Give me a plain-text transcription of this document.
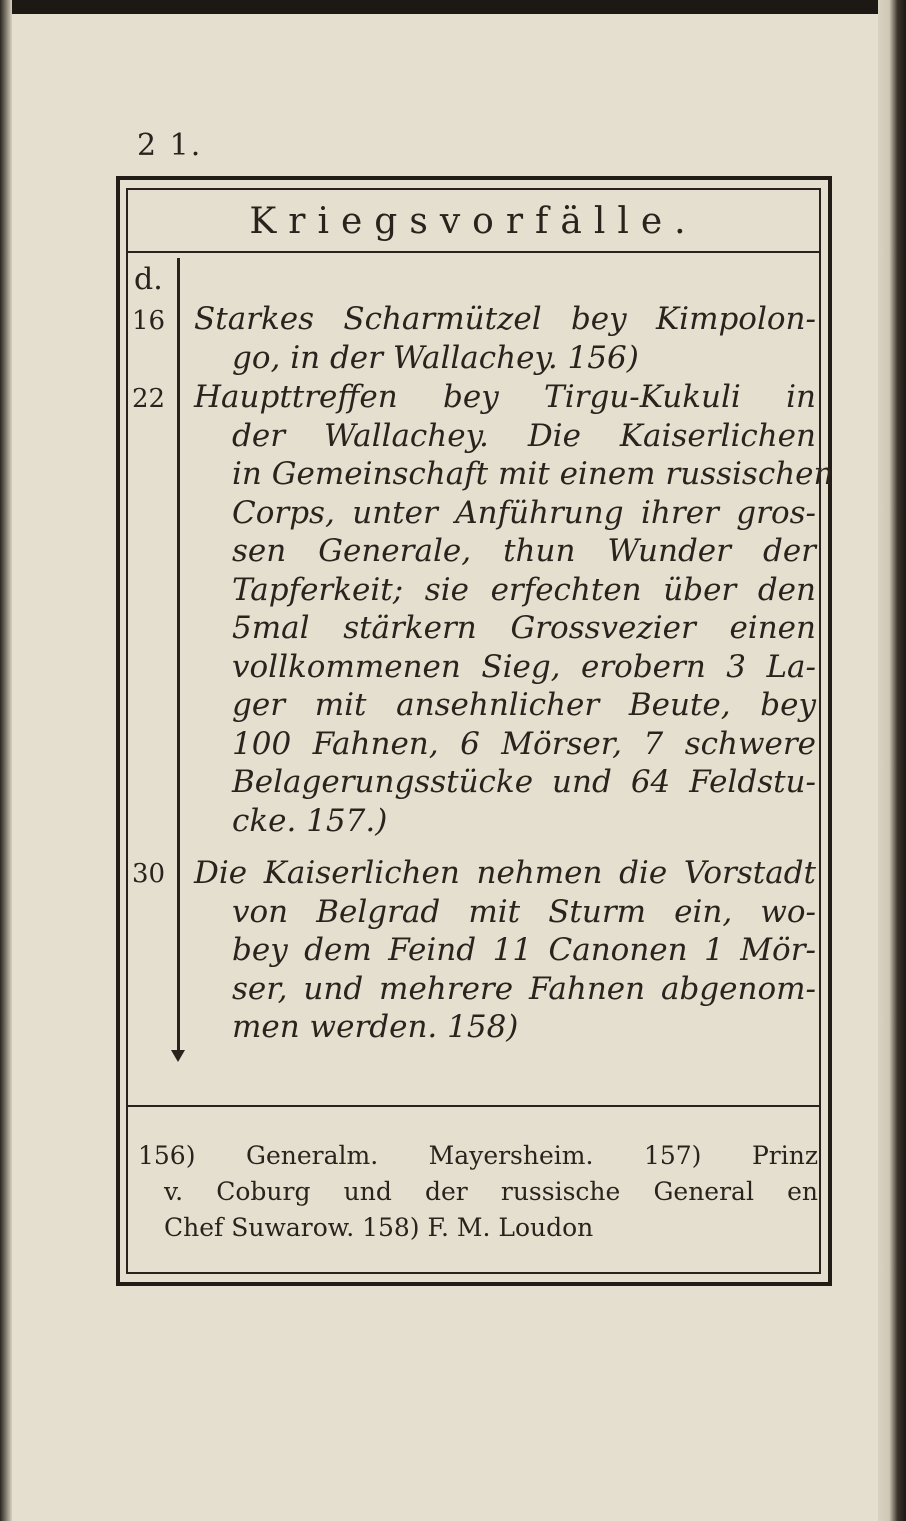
2 1.
Kriegsvorfälle.
d.
16 Starkes Scharmützel bey Kimpolon-
go, in der Wallachey. 156)
22 Haupttreffen bey Tirgu-Kukuli in
der Wallachey. Die Kaiserlichen
in Gemeinschaft mit einem russischen
Corps, unter Anführung ihrer gros-
sen Generale, thun Wunder der
Tapferkeit; sie erfechten über den
5mal stärkern Grossvezier einen
vollkommenen Sieg, erobern 3 La-
ger mit ansehnlicher Beute, bey
100 Fahnen, 6 Mörser, 7 schwere
Belagerungsstücke und 64 Feldstu-
cke. 157.)
30 Die Kaiserlichen nehmen die Vorstadt
von Belgrad mit Sturm ein, wo-
bey dem Feind 11 Canonen 1 Mör-
ser, und mehrere Fahnen abgenom-
men werden. 158)
156) Generalm. Mayersheim. 157) Prinz
v. Coburg und der russische General en
Chef Suwarow. 158) F. M. Loudon
